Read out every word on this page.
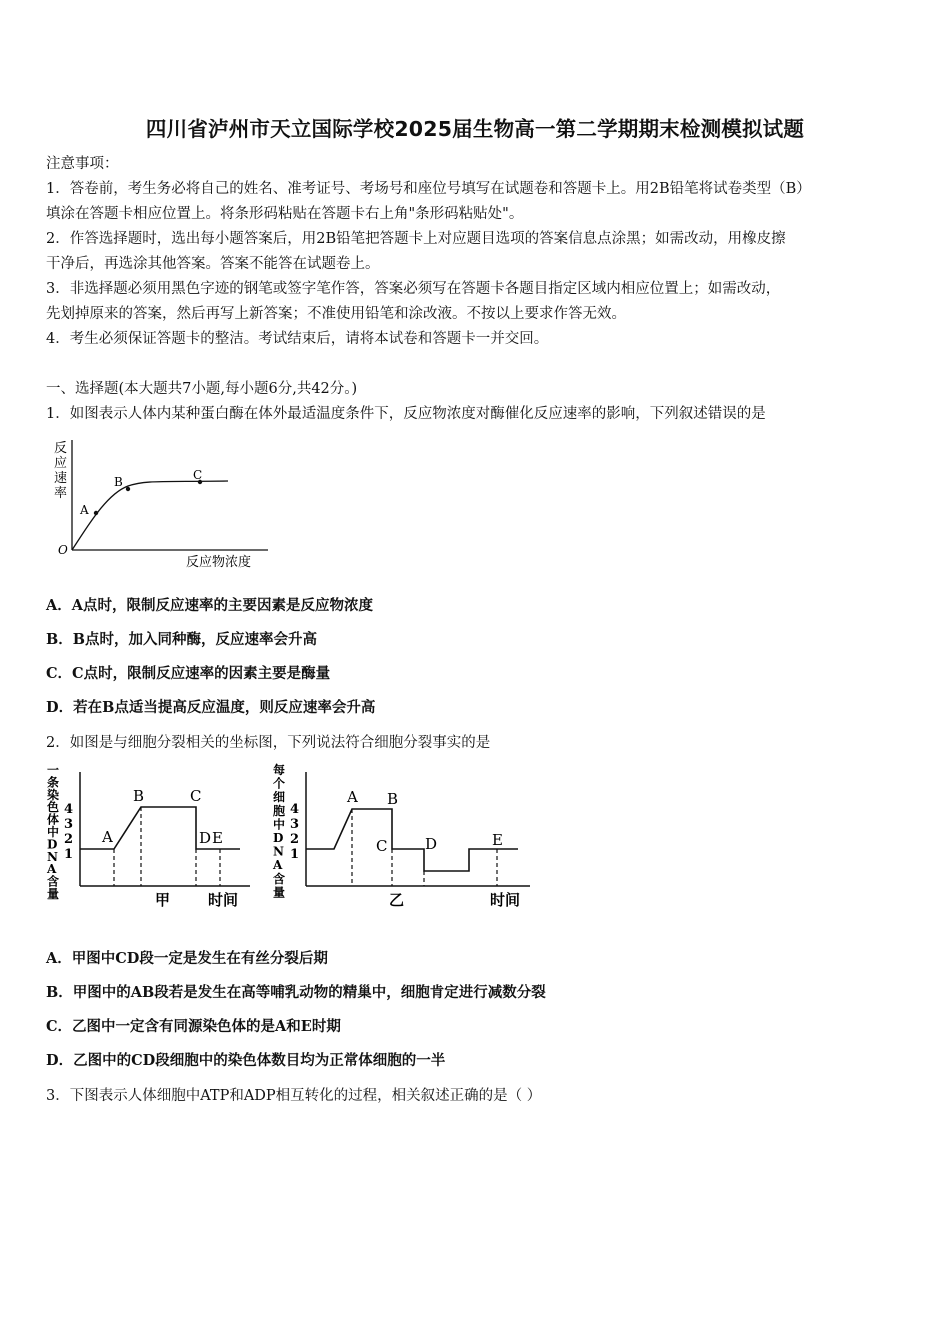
四川省泸州市天立国际学校2025届生物高一第二学期期末检测模拟试题
注意事项：
1．答卷前，考生务必将自己的姓名、准考证号、考场号和座位号填写在试题卷和答题卡上。用2B铅笔将试卷类型（B）
填涂在答题卡相应位置上。将条形码粘贴在答题卡右上角"条形码粘贴处"。
2．作答选择题时，选出每小题答案后，用2B铅笔把答题卡上对应题目选项的答案信息点涂黑；如需改动，用橡皮擦
干净后，再选涂其他答案。答案不能答在试题卷上。
3．非选择题必须用黑色字迹的钢笔或签字笔作答，答案必须写在答题卡各题目指定区域内相应位置上；如需改动，
先划掉原来的答案，然后再写上新答案；不准使用铅笔和涂改液。不按以上要求作答无效。
4．考生必须保证答题卡的整洁。考试结束后，请将本试卷和答题卡一并交回。
一、选择题(本大题共7小题,每小题6分,共42分。)
1．如图表示人体内某种蛋白酶在体外最适温度条件下，反应物浓度对酶催化反应速率的影响，下列叙述错误的是
A
B	C
O
反
应
速
率
反应物浓度
A．A点时，限制反应速率的主要因素是反应物浓度
B．B点时，加入同种酶，反应速率会升高
C．C点时，限制反应速率的因素主要是酶量
D．若在B点适当提高反应温度，则反应速率会升高
2．如图是与细胞分裂相关的坐标图，下列说法符合细胞分裂事实的是
一
条
染
色
体
中
D
N
A
含
量
4
3
2
1
A
B	C
D E
甲	时间
每
个
细
胞
中
D
N
A
含
量
4
3
2
1
A B
C	D	E
乙	时间
A．甲图中CD段一定是发生在有丝分裂后期
B．甲图中的AB段若是发生在高等哺乳动物的精巢中，细胞肯定进行减数分裂
C．乙图中一定含有同源染色体的是A和E时期
D．乙图中的CD段细胞中的染色体数目均为正常体细胞的一半
3．下图表示人体细胞中ATP和ADP相互转化的过程，相关叙述正确的是（ ）
